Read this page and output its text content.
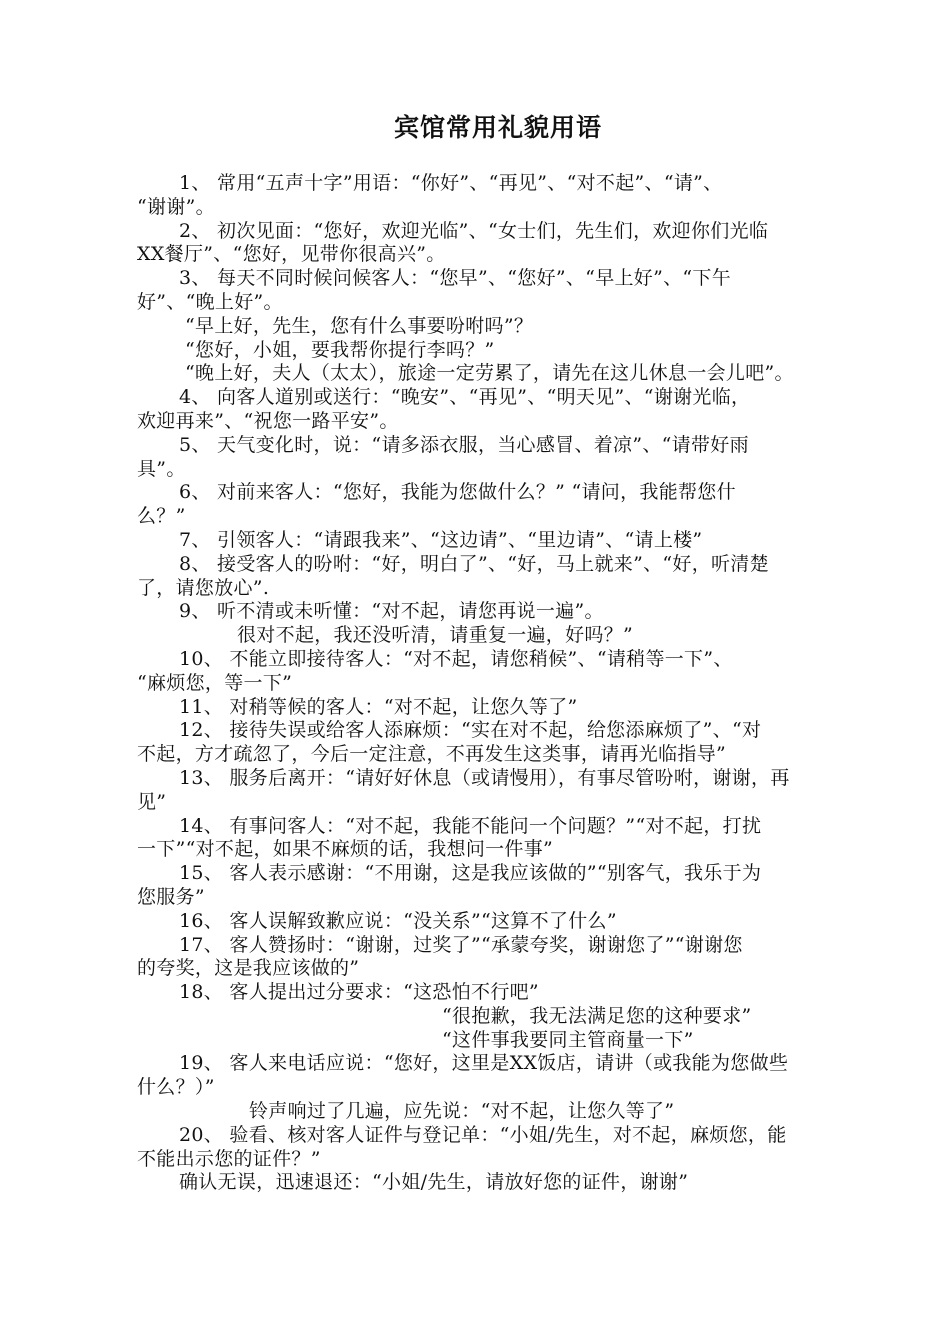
宾馆常用礼貌用语
1、 常用“五声十字”用语：“你好”、“再见”、“对不起”、“请”、
“谢谢”。
2、 初次见面：“您好，欢迎光临”、“女士们，先生们，欢迎你们光临
XX餐厅”、“您好，见带你很高兴”。
3、 每天不同时候问候客人：“您早”、“您好”、“早上好”、“下午
好”、“晚上好”。
“早上好，先生，您有什么事要吩咐吗”？
“您好，小姐，要我帮你提行李吗？”
“晚上好，夫人（太太），旅途一定劳累了，请先在这儿休息一会儿吧”。
4、 向客人道别或送行：“晚安”、“再见”、“明天见”、“谢谢光临，
欢迎再来”、“祝您一路平安”。
5、 天气变化时，说：“请多添衣服，当心感冒、着凉”、“请带好雨
具”。
6、 对前来客人：“您好，我能为您做什么？” “请问，我能帮您什
么？”
7、 引领客人：“请跟我来”、“这边请”、“里边请”、“请上楼”
8、 接受客人的吩咐：“好，明白了”、“好，马上就来”、“好，听清楚
了，请您放心”.
9、 听不清或未听懂：“对不起，请您再说一遍”。
很对不起，我还没听清，请重复一遍，好吗？”
10、 不能立即接待客人：“对不起，请您稍候”、“请稍等一下”、
“麻烦您，等一下”
11、 对稍等候的客人：“对不起，让您久等了”
12、 接待失误或给客人添麻烦：“实在对不起，给您添麻烦了”、“对
不起，方才疏忽了，今后一定注意，不再发生这类事，请再光临指导”
13、 服务后离开：“请好好休息（或请慢用），有事尽管吩咐，谢谢，再
见”
14、 有事问客人：“对不起，我能不能问一个问题？”“对不起，打扰
一下”“对不起，如果不麻烦的话，我想问一件事”
15、 客人表示感谢：“不用谢，这是我应该做的”“别客气，我乐于为
您服务”
16、 客人误解致歉应说：“没关系”“这算不了什么”
17、 客人赞扬时：“谢谢，过奖了”“承蒙夸奖，谢谢您了”“谢谢您
的夸奖，这是我应该做的”
18、 客人提出过分要求：“这恐怕不行吧”
“很抱歉，我无法满足您的这种要求”
“这件事我要同主管商量一下”
19、 客人来电话应说：“您好，这里是XX饭店，请讲（或我能为您做些
什么？）”
铃声响过了几遍，应先说：“对不起，让您久等了”
20、 验看、核对客人证件与登记单：“小姐/先生，对不起，麻烦您，能
不能出示您的证件？”
确认无误，迅速退还：“小姐/先生，请放好您的证件，谢谢”
